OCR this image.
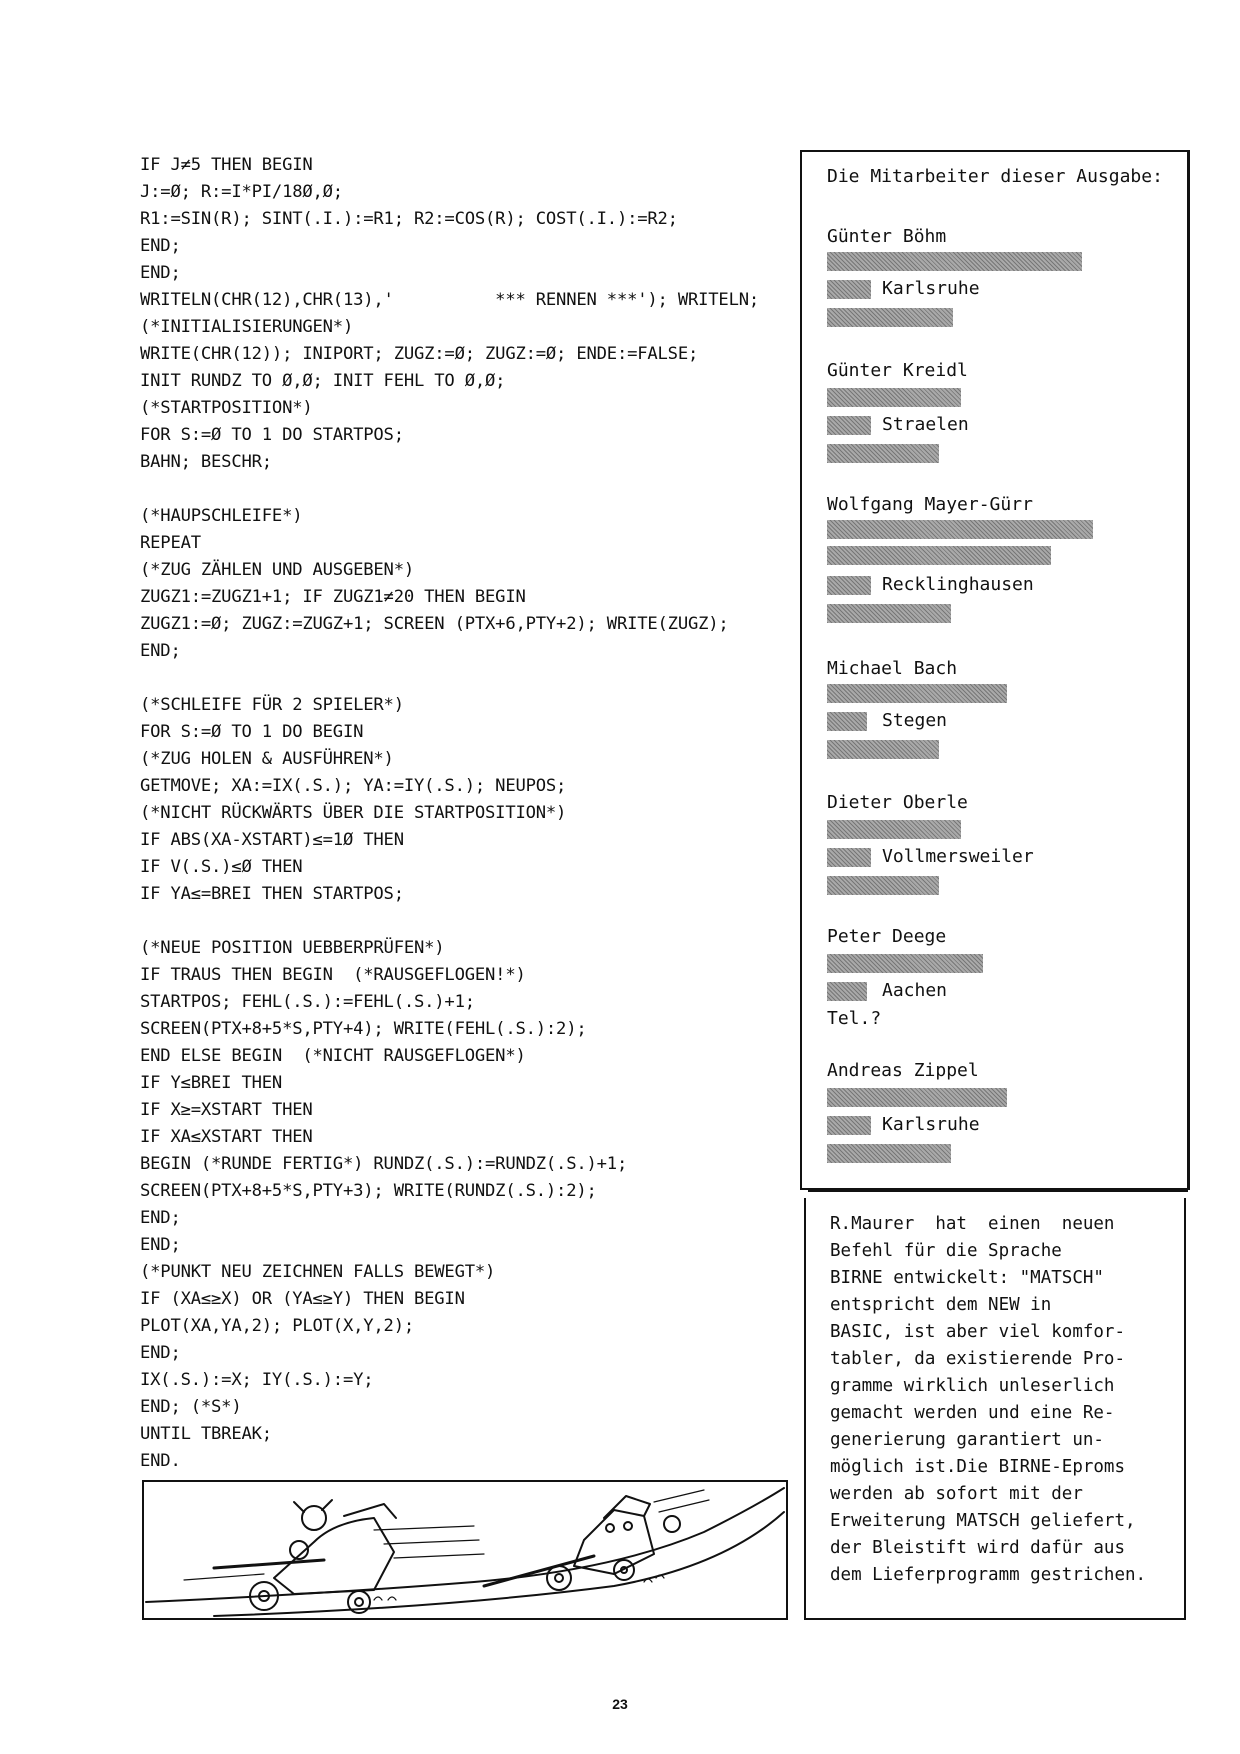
IF J≠5 THEN BEGIN
J:=Ø; R:=I*PI/18Ø,Ø;
R1:=SIN(R); SINT(.I.):=R1; R2:=COS(R); COST(.I.):=R2;
END;
END;
WRITELN(CHR(12),CHR(13),'          *** RENNEN ***'); WRITELN;
(*INITIALISIERUNGEN*)
WRITE(CHR(12)); INIPORT; ZUGZ:=Ø; ZUGZ:=Ø; ENDE:=FALSE;
INIT RUNDZ TO Ø,Ø; INIT FEHL TO Ø,Ø;
(*STARTPOSITION*)
FOR S:=Ø TO 1 DO STARTPOS;
BAHN; BESCHR;
(*HAUPSCHLEIFE*)
REPEAT
(*ZUG ZÄHLEN UND AUSGEBEN*)
ZUGZ1:=ZUGZ1+1; IF ZUGZ1≠20 THEN BEGIN
ZUGZ1:=Ø; ZUGZ:=ZUGZ+1; SCREEN (PTX+6,PTY+2); WRITE(ZUGZ);
END;
(*SCHLEIFE FÜR 2 SPIELER*)
FOR S:=Ø TO 1 DO BEGIN
(*ZUG HOLEN & AUSFÜHREN*)
GETMOVE; XA:=IX(.S.); YA:=IY(.S.); NEUPOS;
(*NICHT RÜCKWÄRTS ÜBER DIE STARTPOSITION*)
IF ABS(XA-XSTART)≤=1Ø THEN
IF V(.S.)≤Ø THEN
IF YA≤=BREI THEN STARTPOS;
(*NEUE POSITION UEBBERPRÜFEN*)
IF TRAUS THEN BEGIN  (*RAUSGEFLOGEN!*)
STARTPOS; FEHL(.S.):=FEHL(.S.)+1;
SCREEN(PTX+8+5*S,PTY+4); WRITE(FEHL(.S.):2);
END ELSE BEGIN  (*NICHT RAUSGEFLOGEN*)
IF Y≤BREI THEN
IF X≥=XSTART THEN
IF XA≤XSTART THEN
BEGIN (*RUNDE FERTIG*) RUNDZ(.S.):=RUNDZ(.S.)+1;
SCREEN(PTX+8+5*S,PTY+3); WRITE(RUNDZ(.S.):2);
END;
END;
(*PUNKT NEU ZEICHNEN FALLS BEWEGT*)
IF (XA≤≥X) OR (YA≤≥Y) THEN BEGIN
PLOT(XA,YA,2); PLOT(X,Y,2);
END;
IX(.S.):=X; IY(.S.):=Y;
END; (*S*)
UNTIL TBREAK;
END.
Die Mitarbeiter dieser Ausgabe:
Günter Böhm
Karlsruhe
Günter Kreidl
Straelen
Wolfgang Mayer-Gürr
Recklinghausen
Michael Bach
Stegen
Dieter Oberle
Vollmersweiler
Peter Deege
Aachen
Tel.?
Andreas Zippel
Karlsruhe
R.Maurer  hat  einen  neuen
Befehl für die Sprache
BIRNE entwickelt: "MATSCH"
entspricht dem NEW in
BASIC, ist aber viel komfor-
tabler, da existierende Pro-
gramme wirklich unleserlich
gemacht werden und eine Re-
generierung garantiert un-
möglich ist.Die BIRNE-Eproms
werden ab sofort mit der
Erweiterung MATSCH geliefert,
der Bleistift wird dafür aus
dem Lieferprogramm gestrichen.
23
